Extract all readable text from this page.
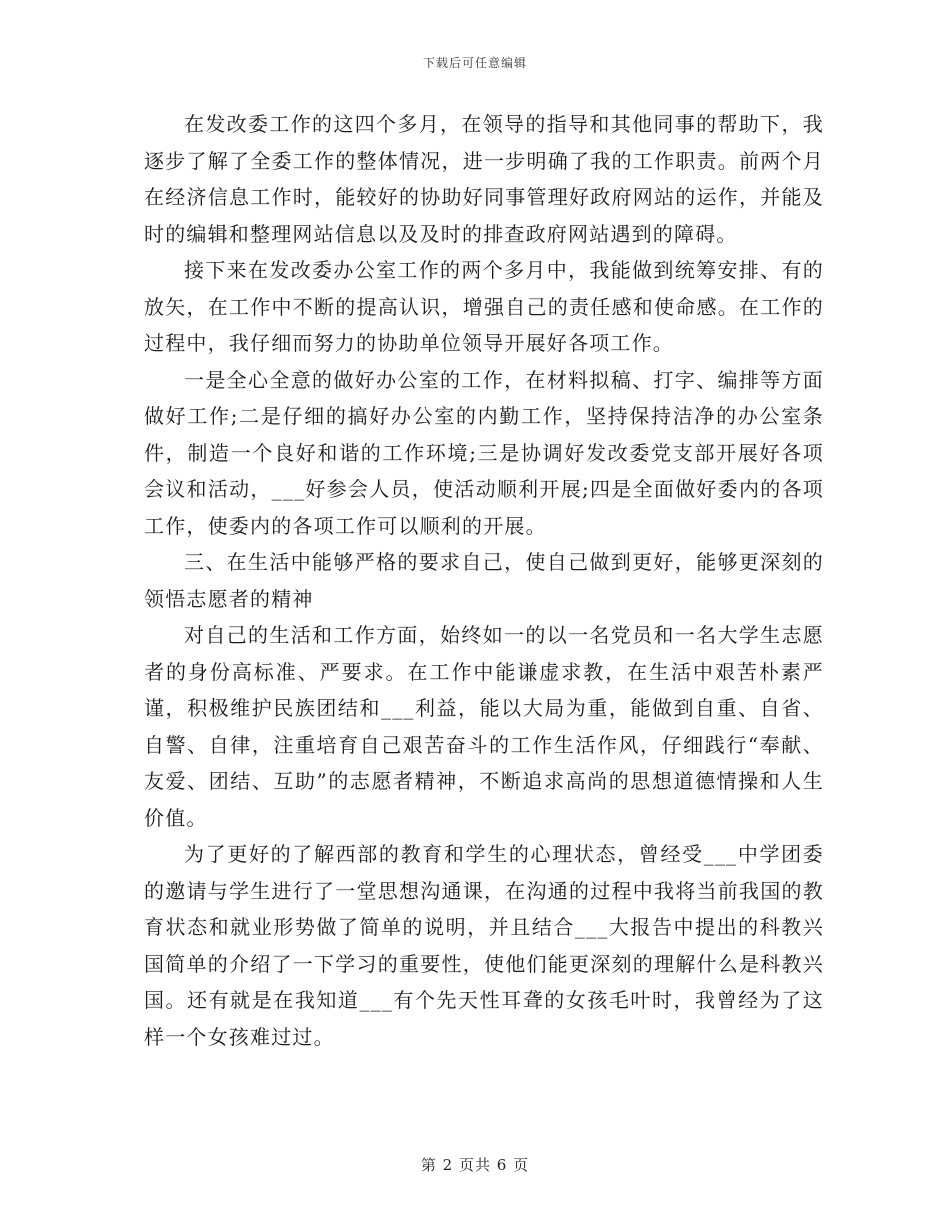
下载后可任意编辑

在发改委工作的这四个多月，在领导的指导和其他同事的帮助下，我逐步了解了全委工作的整体情况，进一步明确了我的工作职责。前两个月在经济信息工作时，能较好的协助好同事管理好政府网站的运作，并能及时的编辑和整理网站信息以及及时的排查政府网站遇到的障碍。

接下来在发改委办公室工作的两个多月中，我能做到统筹安排、有的放矢，在工作中不断的提高认识，增强自己的责任感和使命感。在工作的过程中，我仔细而努力的协助单位领导开展好各项工作。

一是全心全意的做好办公室的工作，在材料拟稿、打字、编排等方面做好工作;二是仔细的搞好办公室的内勤工作，坚持保持洁净的办公室条件，制造一个良好和谐的工作环境;三是协调好发改委党支部开展好各项会议和活动，___好参会人员，使活动顺利开展;四是全面做好委内的各项工作，使委内的各项工作可以顺利的开展。

三、在生活中能够严格的要求自己，使自己做到更好，能够更深刻的领悟志愿者的精神

对自己的生活和工作方面，始终如一的以一名党员和一名大学生志愿者的身份高标准、严要求。在工作中能谦虚求教，在生活中艰苦朴素严谨，积极维护民族团结和___利益，能以大局为重，能做到自重、自省、自警、自律，注重培育自己艰苦奋斗的工作生活作风，仔细践行“奉献、友爱、团结、互助”的志愿者精神，不断追求高尚的思想道德情操和人生价值。

为了更好的了解西部的教育和学生的心理状态，曾经受___中学团委的邀请与学生进行了一堂思想沟通课，在沟通的过程中我将当前我国的教育状态和就业形势做了简单的说明，并且结合___大报告中提出的科教兴国简单的介绍了一下学习的重要性，使他们能更深刻的理解什么是科教兴国。还有就是在我知道___有个先天性耳聋的女孩毛叶时，我曾经为了这样一个女孩难过过。

第 2 页共 6 页
